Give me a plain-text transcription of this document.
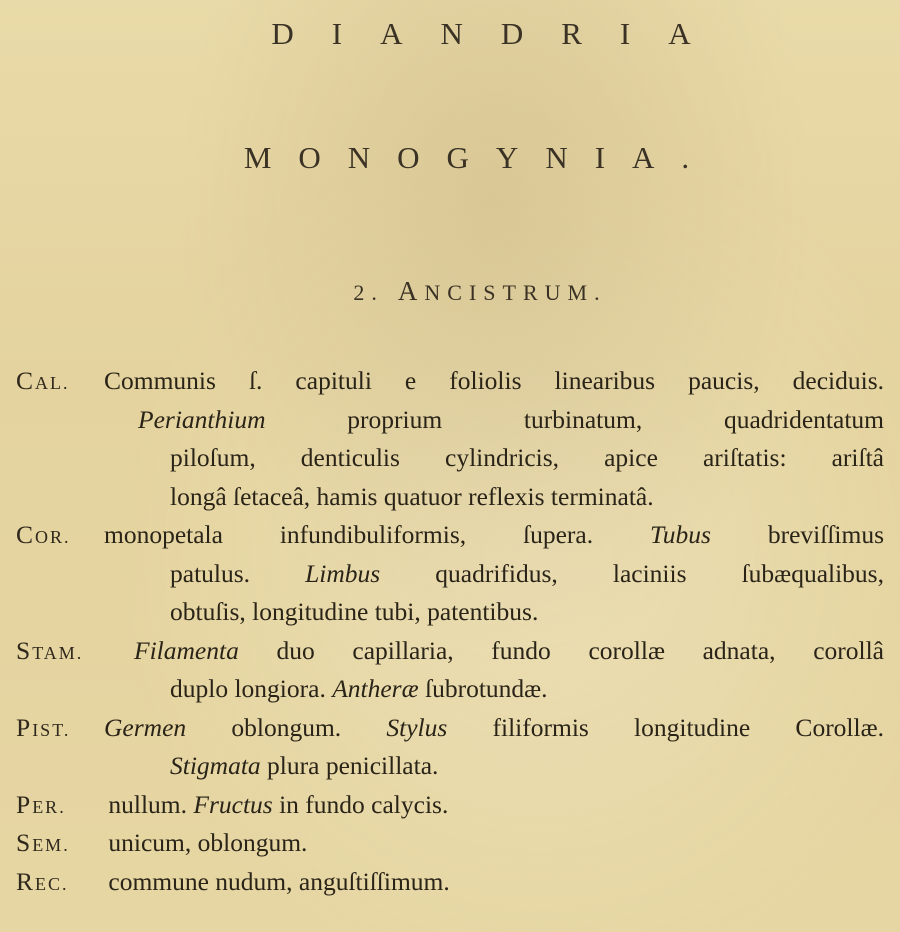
DIANDRIA
MONOGYNIA.
2. ANCISTRUM.
CAL. Communis ſ. capituli e foliolis linearibus paucis, deciduis.
Perianthium proprium turbinatum, quadridentatum
piloſum, denticulis cylindricis, apice ariſtatis: ariſtâ
longâ ſetaceâ, hamis quatuor reflexis terminatâ.
COR. monopetala infundibuliformis, ſupera. Tubus breviſſimus
patulus. Limbus quadrifidus, laciniis ſubæqualibus,
obtuſis, longitudine tubi, patentibus.
STAM. Filamenta duo capillaria, fundo corollæ adnata, corollâ
duplo longiora. Antheræ ſubrotundæ.
PIST. Germen oblongum. Stylus filiformis longitudine Corollæ.
Stigmata plura penicillata.
PER. nullum. Fructus in fundo calycis.
SEM. unicum, oblongum.
REC. commune nudum, anguſtiſſimum.
